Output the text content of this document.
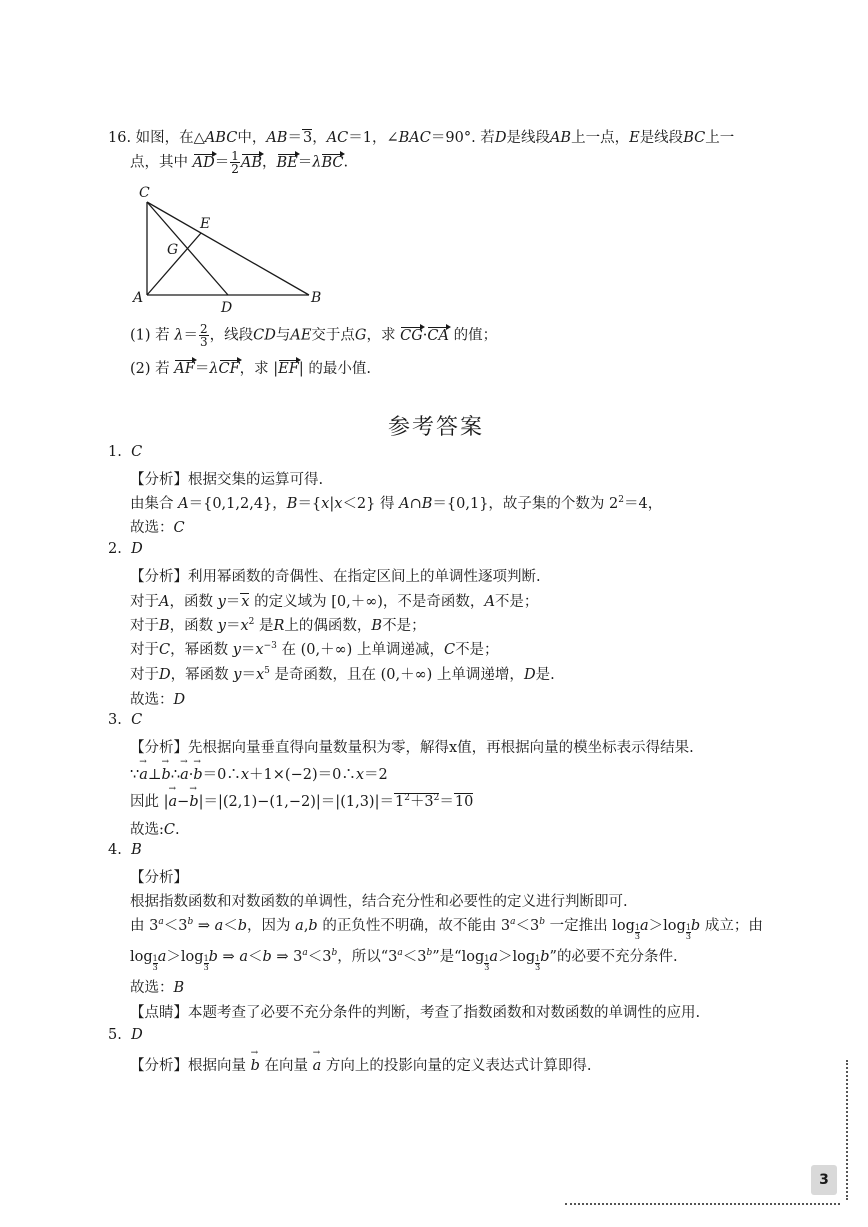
16. 如图，在△ABC中，AB＝3，AC＝1，∠BAC＝90°. 若D是线段AB上一点，E是线段BC上一
点，其中 $AD= \frac{1}{2}$ AB，BE＝λBC.
C
E
G
A
D
B
(1) 若 $\lambda= \frac{2}{3}$ ，线段CD与AE交于点G，求 CG·CA 的值；
(2) 若 AF＝λCF，求 |EF| 的最小值.
参考答案
1. C
【分析】根据交集的运算可得.
由集合 A＝{0,1,2,4}，B＝{x|x＜2} 得 A∩B＝{0,1}，故子集的个数为 $2^2=4$，
故选：C
2. D
【分析】利用幂函数的奇偶性、在指定区间上的单调性逐项判断.
对于A，函数 y＝x 的定义域为 [0,＋∞)，不是奇函数，A不是；
对于B，函数 $y=x^2$ 是R上的偶函数，B不是；
对于C，幂函数 $y=x^{-3}$ 在 (0,＋∞) 上单调递减，C不是；
对于D，幂函数 $y=x^5$ 是奇函数，且在 (0,＋∞) 上单调递增，D是.
故选：D
3. C
【分析】先根据向量垂直得向量数量积为零，解得x值，再根据向量的模坐标表示得结果.
∵a →⊥b →∴a →·b →＝0∴x＋1×(−2)＝0∴x＝2
因此 $|a \to-b \to|=|(2,1)-(1,-2)|=|(1,3)|=1^2+3^2=10$
故选:C.
4. B
【分析】
根据指数函数和对数函数的单调性，结合充分性和必要性的定义进行判断即可.
由 $3^a<3^b$ ⇒ a＜b，因为 a,b 的正负性不明确，故不能由 $3^a<3^b$ 一定推出 $\log \frac{1}{3} a>\log \frac{1}{3}$ b 成立；由
$\log \frac{1}{3} a>\log \frac{1}{3}$ b ⇒ a＜b ⇒ $3^a<3^b$，所以“$3^a<3^b$”是“$\log \frac{1}{3} a>\log \frac{1}{3} b$”的必要不充分条件.
故选：B
【点睛】本题考查了必要不充分条件的判断，考查了指数函数和对数函数的单调性的应用.
5. D
【分析】根据向量 b → 在向量 a → 方向上的投影向量的定义表达式计算即得.
3
